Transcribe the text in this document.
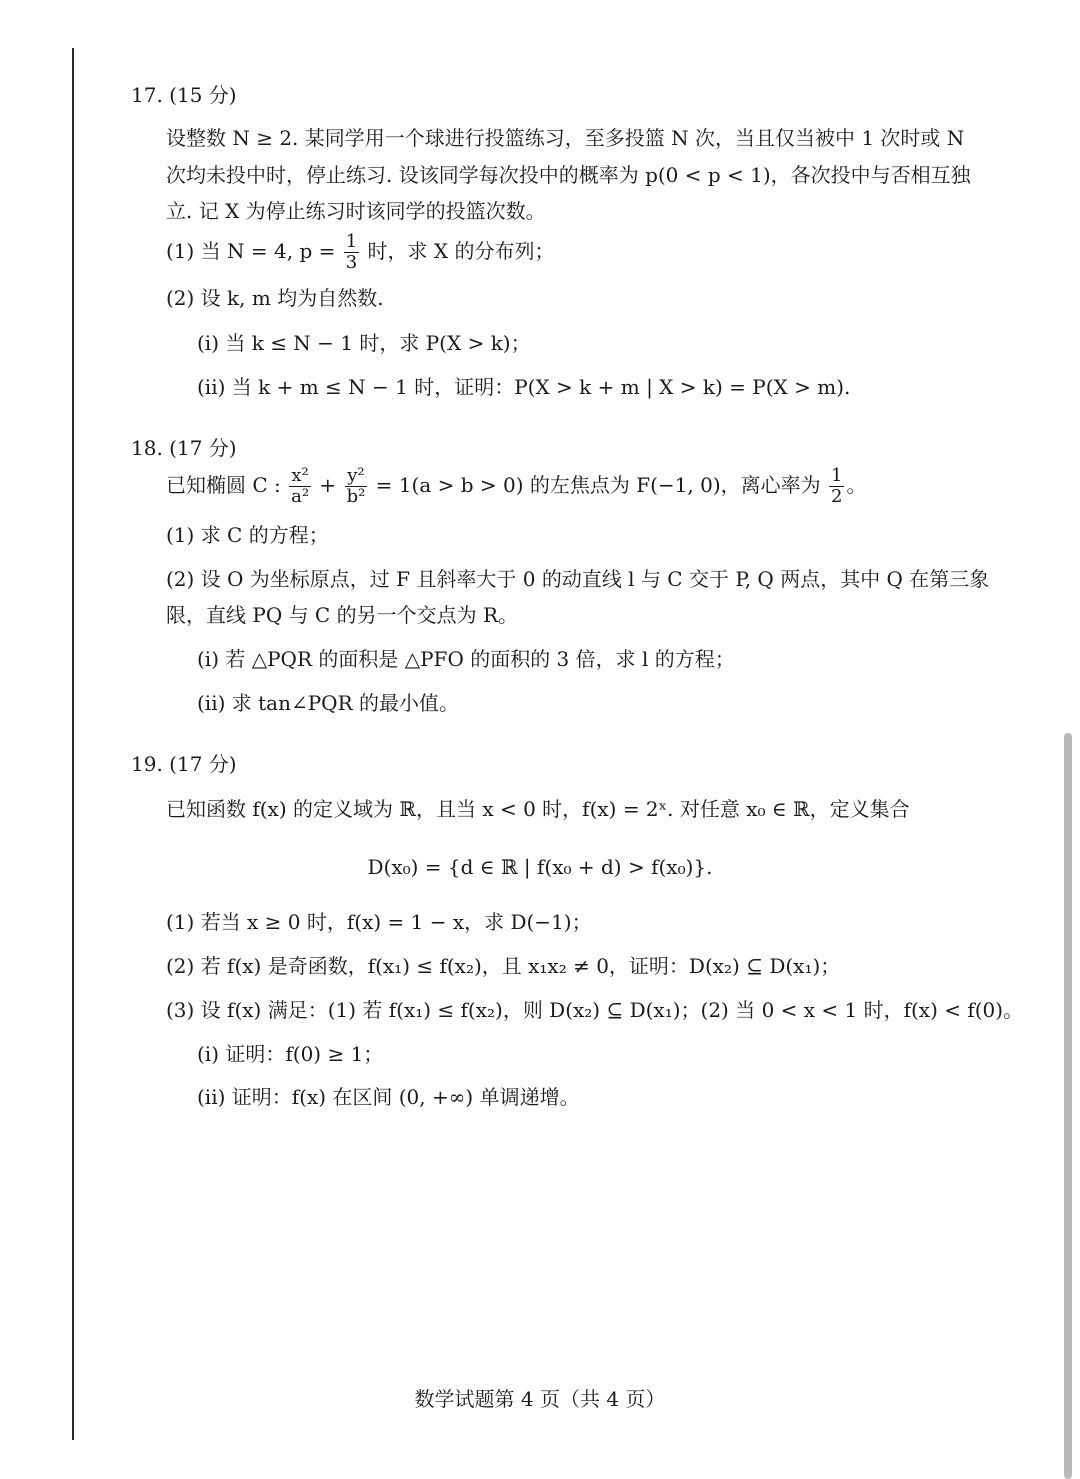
17. (15 分)
设整数 N ≥ 2. 某同学用一个球进行投篮练习，至多投篮 N 次，当且仅当被中 1 次时或 N
次均未投中时，停止练习. 设该同学每次投中的概率为 p(0 < p < 1)，各次投中与否相互独
立. 记 X 为停止练习时该同学的投篮次数。
(1) 当 N = 4, $p = \frac{1}{3}$ 时，求 X 的分布列；
(2) 设 k, m 均为自然数.
(i) 当 k ≤ N − 1 时，求 P(X > k)；
(ii) 当 k + m ≤ N − 1 时，证明：P(X > k + m | X > k) = P(X > m).
18. (17 分)
已知椭圆 C : $\frac{\text{x²}}{\text{a²}} + \frac{\text{y²}}{\text{b²}} = 1(a > b > 0)$ 的左焦点为 F(−1, 0)，离心率为 $\frac{1}{2}$ 。
(1) 求 C 的方程；
(2) 设 O 为坐标原点，过 F 且斜率大于 0 的动直线 l 与 C 交于 P, Q 两点，其中 Q 在第三象
限，直线 PQ 与 C 的另一个交点为 R。
(i) 若 △PQR 的面积是 △PFO 的面积的 3 倍，求 l 的方程；
(ii) 求 tan∠PQR 的最小值。
19. (17 分)
已知函数 f(x) 的定义域为 ℝ，且当 x < 0 时，f(x) = 2ˣ. 对任意 x₀ ∈ ℝ，定义集合
D(x₀) = {d ∈ ℝ | f(x₀ + d) > f(x₀)}.
(1) 若当 x ≥ 0 时，f(x) = 1 − x，求 D(−1)；
(2) 若 f(x) 是奇函数，f(x₁) ≤ f(x₂)，且 x₁x₂ ≠ 0，证明：D(x₂) ⊆ D(x₁)；
(3) 设 f(x) 满足：(1) 若 f(x₁) ≤ f(x₂)，则 D(x₂) ⊆ D(x₁)；(2) 当 0 < x < 1 时，f(x) < f(0)。
(i) 证明：f(0) ≥ 1；
(ii) 证明：f(x) 在区间 (0, +∞) 单调递增。
数学试题第 4 页（共 4 页）
